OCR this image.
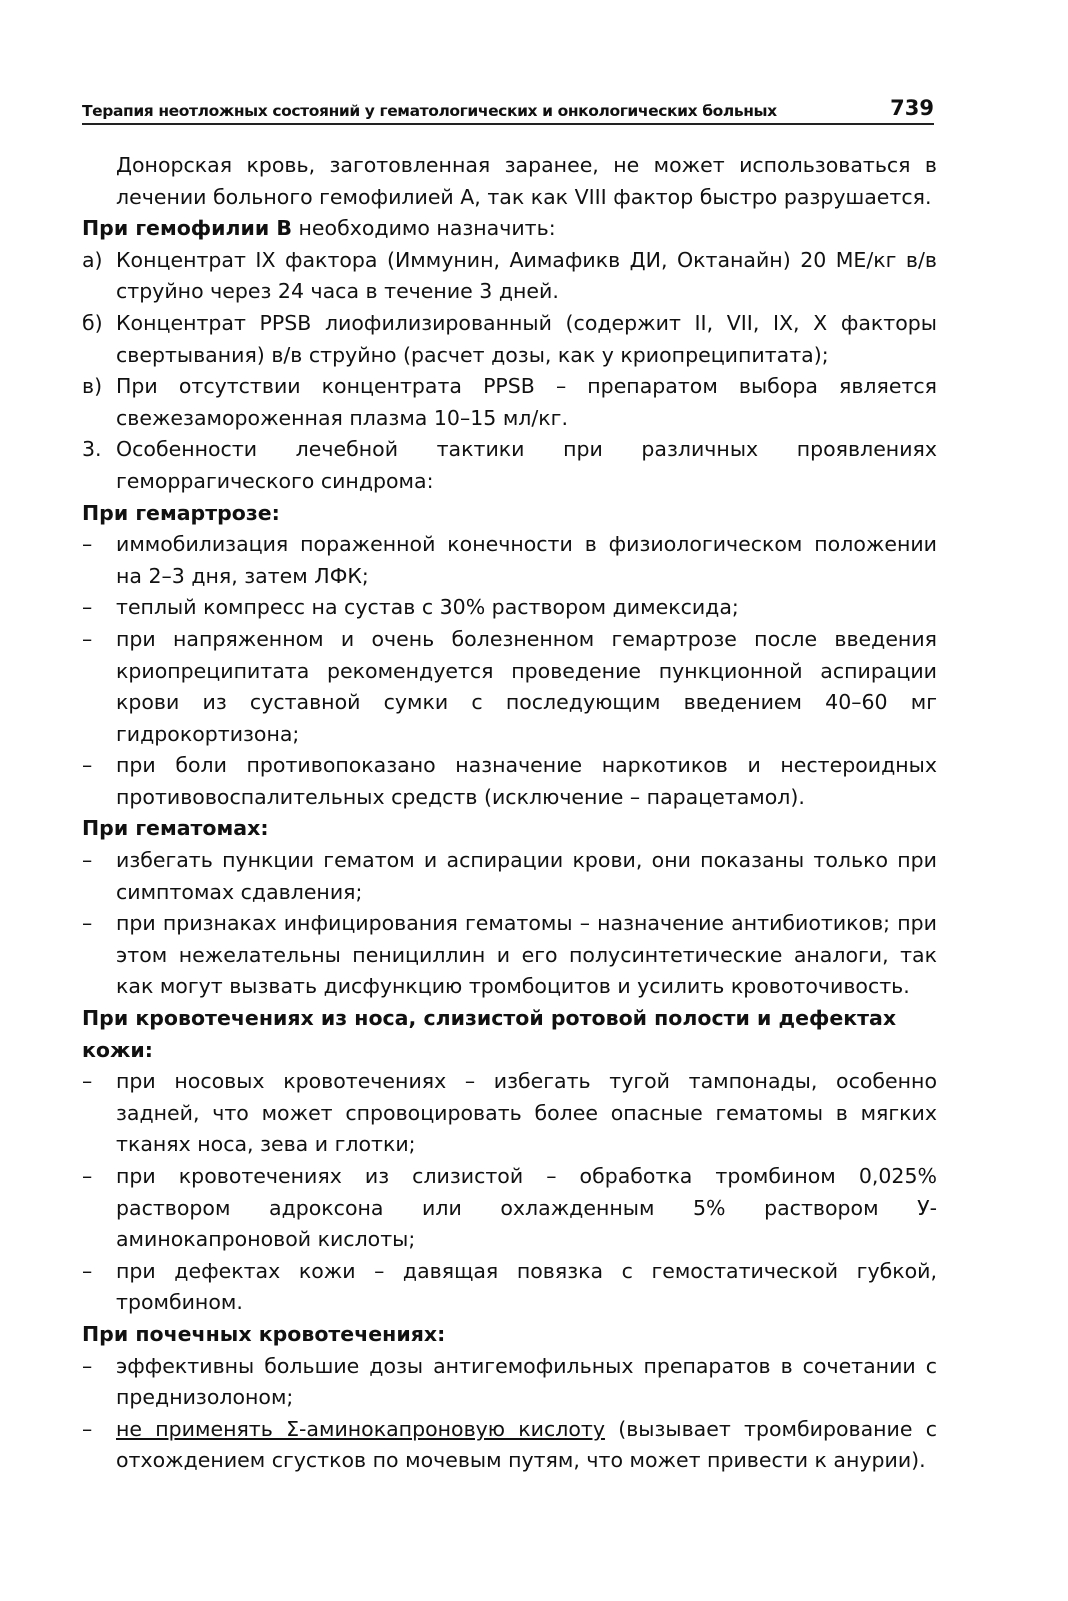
Терапия неотложных состояний у гематологических и онкологических больных	739

Донорская кровь, заготовленная заранее, не может использоваться в лечении больного гемофилией А, так как VIII фактор быстро разрушается.

При гемофилии В необходимо назначить:

а) Концентрат IX фактора (Иммунин, Аимафикв ДИ, Октанайн) 20 МЕ/кг в/в струйно через 24 часа в течение 3 дней.
б) Концентрат PPSB лиофилизированный (содержит II, VII, IX, X факторы свертывания) в/в струйно (расчет дозы, как у криопреципитата);
в) При отсутствии концентрата PPSB – препаратом выбора является свежезамороженная плазма 10–15 мл/кг.
3. Особенности лечебной тактики при различных проявлениях геморрагического синдрома:

При гемартрозе:

–	иммобилизация пораженной конечности в физиологическом положении на 2–3 дня, затем ЛФК;
–	теплый компресс на сустав с 30% раствором димексида;
–	при напряженном и очень болезненном гемартрозе после введения криопреципитата рекомендуется проведение пункционной аспирации крови из суставной сумки с последующим введением 40–60 мг гидрокортизона;
–	при боли противопоказано назначение наркотиков и нестероидных противовоспалительных средств (исключение – парацетамол).

При гематомах:

–	избегать пункции гематом и аспирации крови, они показаны только при симптомах сдавления;
–	при признаках инфицирования гематомы – назначение антибиотиков; при этом нежелательны пенициллин и его полусинтетические аналоги, так как могут вызвать дисфункцию тромбоцитов и усилить кровоточивость.

При кровотечениях из носа, слизистой ротовой полости и дефектах кожи:

–	при носовых кровотечениях – избегать тугой тампонады, особенно задней, что может спровоцировать более опасные гематомы в мягких тканях носа, зева и глотки;
–	при кровотечениях из слизистой – обработка тромбином 0,025% раствором адроксона или охлажденным 5% раствором У-аминокапроновой кислоты;
–	при дефектах кожи – давящая повязка с гемостатической губкой, тромбином.

При почечных кровотечениях:

–	эффективны большие дозы антигемофильных препаратов в сочетании с преднизолоном;
–	не применять Σ-аминокапроновую кислоту (вызывает тромбирование с отхождением сгустков по мочевым путям, что может привести к анурии).
